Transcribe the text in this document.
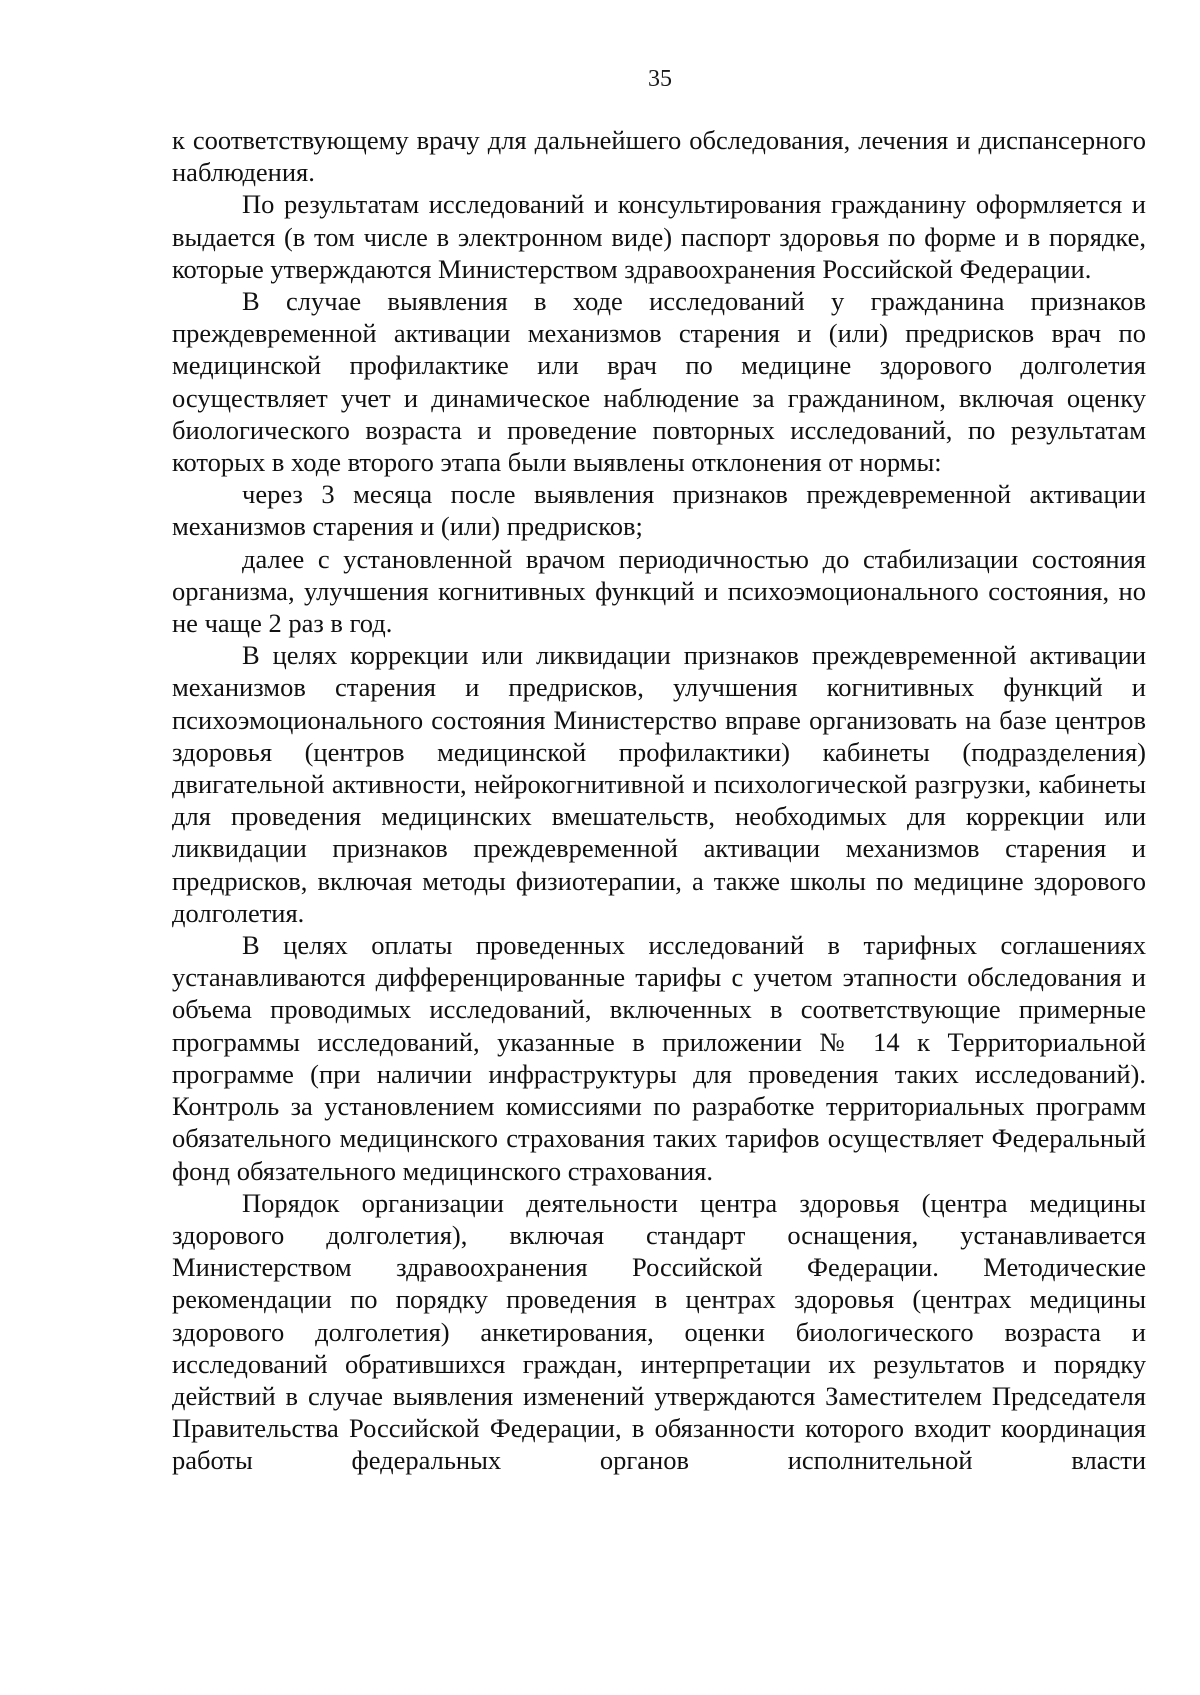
35

к соответствующему врачу для дальнейшего обследования, лечения и диспансерного наблюдения.

По результатам исследований и консультирования гражданину оформляется и выдается (в том числе в электронном виде) паспорт здоровья по форме и в порядке, которые утверждаются Министерством здравоохранения Российской Федерации.

В случае выявления в ходе исследований у гражданина признаков преждевременной активации механизмов старения и (или) предрисков врач по медицинской профилактике или врач по медицине здорового долголетия осуществляет учет и динамическое наблюдение за гражданином, включая оценку биологического возраста и проведение повторных исследований, по результатам которых в ходе второго этапа были выявлены отклонения от нормы:

через 3 месяца после выявления признаков преждевременной активации механизмов старения и (или) предрисков;

далее с установленной врачом периодичностью до стабилизации состояния организма, улучшения когнитивных функций и психоэмоционального состояния, но не чаще 2 раз в год.

В целях коррекции или ликвидации признаков преждевременной активации механизмов старения и предрисков, улучшения когнитивных функций и психоэмоционального состояния Министерство вправе организовать на базе центров здоровья (центров медицинской профилактики) кабинеты (подразделения) двигательной активности, нейрокогнитивной и психологической разгрузки, кабинеты для проведения медицинских вмешательств, необходимых для коррекции или ликвидации признаков преждевременной активации механизмов старения и предрисков, включая методы физиотерапии, а также школы по медицине здорового долголетия.

В целях оплаты проведенных исследований в тарифных соглашениях устанавливаются дифференцированные тарифы с учетом этапности обследования и объема проводимых исследований, включенных в соответствующие примерные программы исследований, указанные в приложении № 14 к Территориальной программе (при наличии инфраструктуры для проведения таких исследований). Контроль за установлением комиссиями по разработке территориальных программ обязательного медицинского страхования таких тарифов осуществляет Федеральный фонд обязательного медицинского страхования.

Порядок организации деятельности центра здоровья (центра медицины здорового долголетия), включая стандарт оснащения, устанавливается Министерством здравоохранения Российской Федерации. Методические рекомендации по порядку проведения в центрах здоровья (центрах медицины здорового долголетия) анкетирования, оценки биологического возраста и исследований обратившихся граждан, интерпретации их результатов и порядку действий в случае выявления изменений утверждаются Заместителем Председателя Правительства Российской Федерации, в обязанности которого входит координация работы федеральных органов исполнительной власти
